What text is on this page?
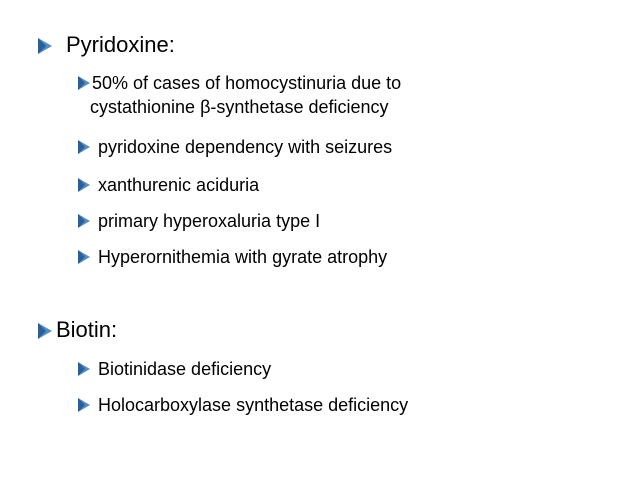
Pyridoxine:
50% of cases of homocystinuria due to
cystathionine β-synthetase deficiency
pyridoxine dependency with seizures
xanthurenic aciduria
primary hyperoxaluria type I
Hyperornithemia with gyrate atrophy
Biotin:
Biotinidase deficiency
Holocarboxylase synthetase deficiency
